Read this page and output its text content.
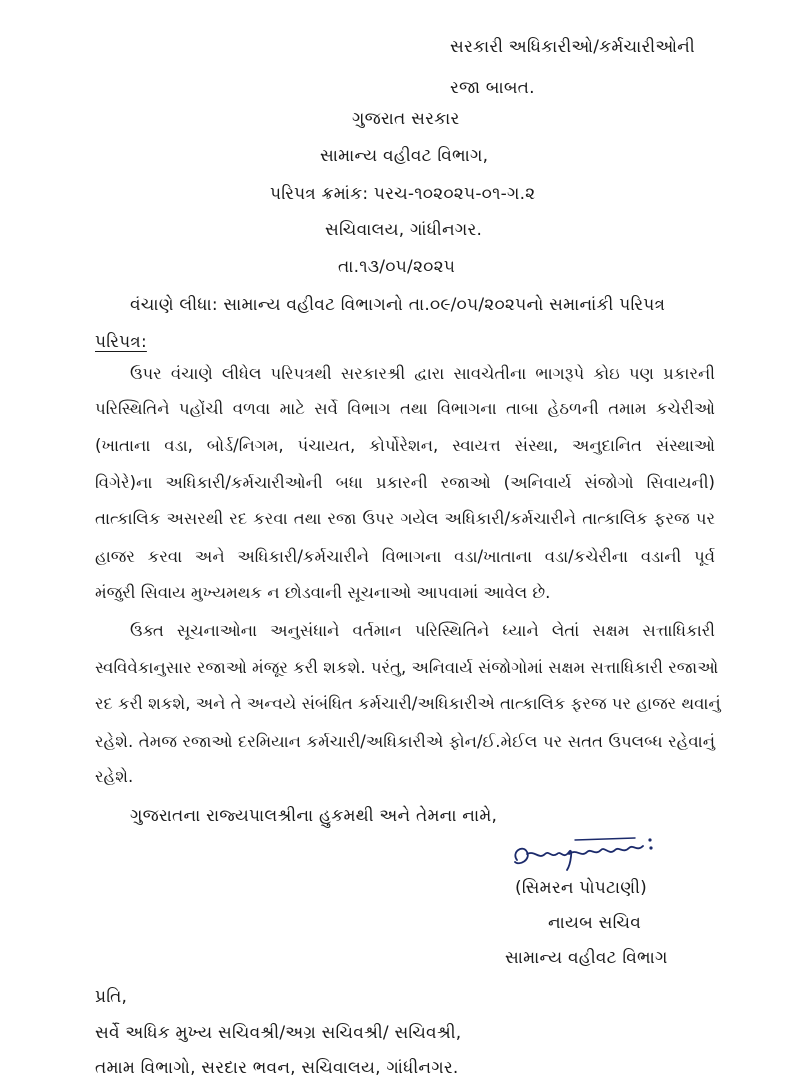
સરકારી અધિકારીઓ/કર્મચારીઓની
રજા બાબત.
ગુજરાત સરકાર
સામાન્ય વહીવટ વિભાગ,
પરિપત્ર ક્રમાંક: પરચ-૧૦૨૦૨૫-૦૧-ગ.૨
સચિવાલય, ગાંધીનગર.
તા.૧૩/૦૫/૨૦૨૫
વંચાણે લીધા: સામાન્ય વહીવટ વિભાગનો તા.૦૯/૦૫/૨૦૨૫નો સમાનાંકી પરિપત્ર
પરિપત્ર:
ઉપર વંચાણે લીધેલ પરિપત્રથી સરકારશ્રી દ્વારા સાવચેતીના ભાગરૂપે કોઇ પણ પ્રકારની
પરિસ્થિતિને પહોંચી વળવા માટે સર્વે વિભાગ તથા વિભાગના તાબા હેઠળની તમામ કચેરીઓ
(ખાતાના વડા, બોર્ડ/નિગમ, પંચાયત, કોર્પોરેશન, સ્વાયત્ત સંસ્થા, અનુદાનિત સંસ્થાઓ
વિગેરે)ના અધિકારી/કર્મચારીઓની બધા પ્રકારની રજાઓ (અનિવાર્ય સંજોગો સિવાયની)
તાત્કાલિક અસરથી રદ કરવા તથા રજા ઉપર ગયેલ અધિકારી/કર્મચારીને તાત્કાલિક ફરજ પર
હાજર કરવા અને અધિકારી/કર્મચારીને વિભાગના વડા/ખાતાના વડા/કચેરીના વડાની પૂર્વ
મંજુરી સિવાય મુખ્યમથક ન છોડવાની સૂચનાઓ આપવામાં આવેલ છે.
ઉક્ત સૂચનાઓના અનુસંધાને વર્તમાન પરિસ્થિતિને ધ્યાને લેતાં સક્ષમ સત્તાધિકારી
સ્વવિવેકાનુસાર રજાઓ મંજૂર કરી શકશે. પરંતુ, અનિવાર્ય સંજોગોમાં સક્ષમ સત્તાધિકારી રજાઓ
રદ કરી શકશે, અને તે અન્વયે સંબંધિત કર્મચારી/અધિકારીએ તાત્કાલિક ફરજ પર હાજર થવાનું
રહેશે. તેમજ રજાઓ દરમિયાન કર્મચારી/અધિકારીએ ફોન/ઈ.મેઈલ પર સતત ઉપલબ્ધ રહેવાનું
રહેશે.
ગુજરાતના રાજ્યપાલશ્રીના હુકમથી અને તેમના નામે,
(સિમરન પોપટાણી)
નાયબ સચિવ
સામાન્ય વહીવટ વિભાગ
પ્રતિ,
સર્વે અધિક મુખ્ય સચિવશ્રી/અગ્ર સચિવશ્રી/ સચિવશ્રી,
તમામ વિભાગો, સરદાર ભવન, સચિવાલય, ગાંધીનગર.
